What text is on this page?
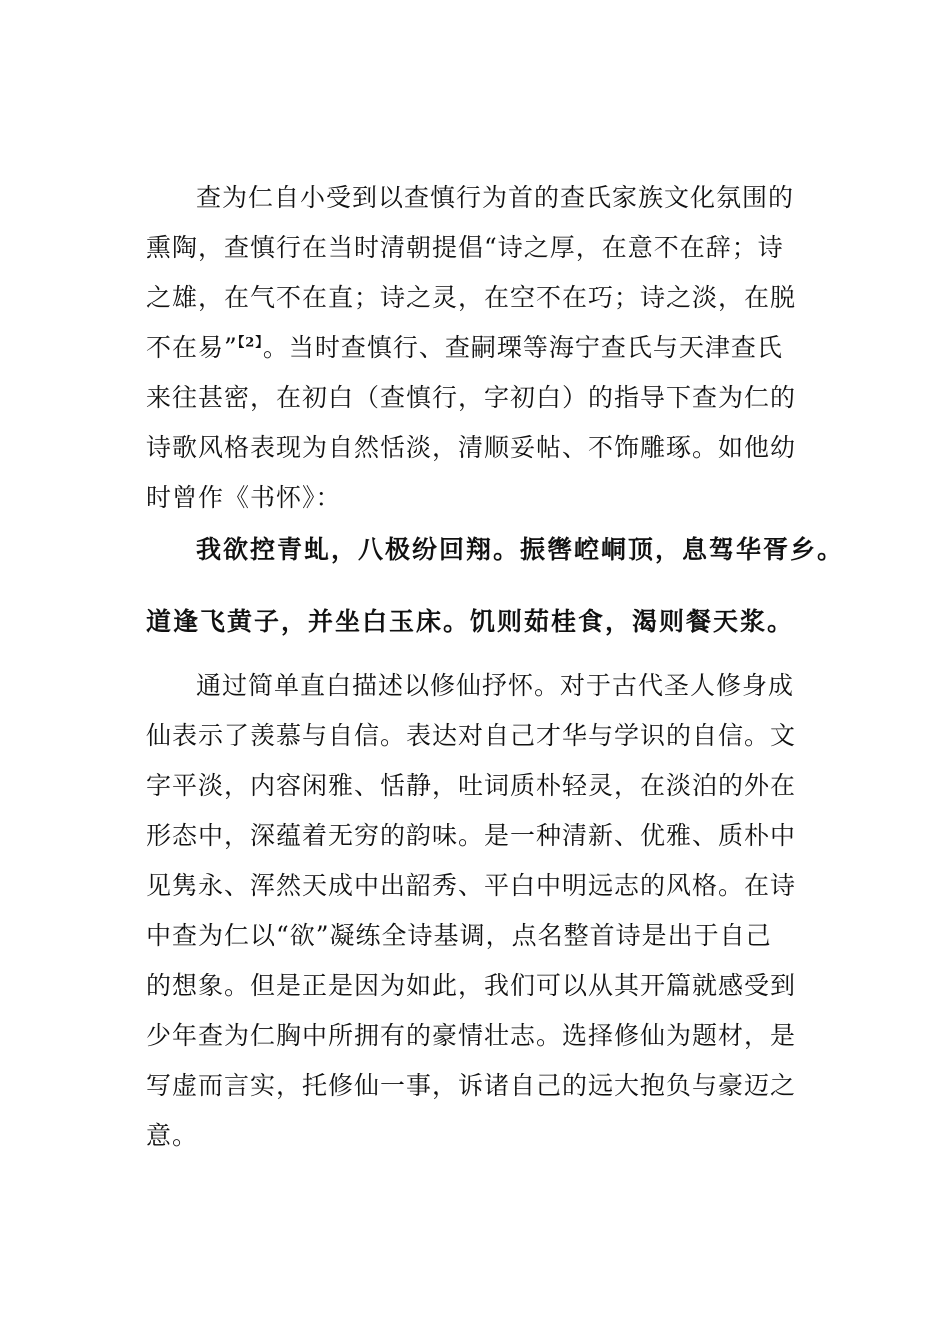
查为仁自小受到以查慎行为首的查氏家族文化氛围的
熏陶，查慎行在当时清朝提倡“诗之厚，在意不在辞；诗
之雄，在气不在直；诗之灵，在空不在巧；诗之淡，在脱
不在易”$^{【2】}$。当时查慎行、查嗣瑮等海宁查氏与天津查氏
来往甚密，在初白（查慎行，字初白）的指导下查为仁的
诗歌风格表现为自然恬淡，清顺妥帖、不饰雕琢。如他幼
时曾作《书怀》：
我欲控青虬，八极纷回翔。振辔崆峒顶，息驾华胥乡。
道逢飞黄子，并坐白玉床。饥则茹桂食，渴则餐天浆。
通过简单直白描述以修仙抒怀。对于古代圣人修身成
仙表示了羡慕与自信。表达对自己才华与学识的自信。文
字平淡，内容闲雅、恬静，吐词质朴轻灵，在淡泊的外在
形态中，深蕴着无穷的韵味。是一种清新、优雅、质朴中
见隽永、浑然天成中出韶秀、平白中明远志的风格。在诗
中查为仁以“欲”凝练全诗基调，点名整首诗是出于自己
的想象。但是正是因为如此，我们可以从其开篇就感受到
少年查为仁胸中所拥有的豪情壮志。选择修仙为题材，是
写虚而言实，托修仙一事，诉诸自己的远大抱负与豪迈之
意。
